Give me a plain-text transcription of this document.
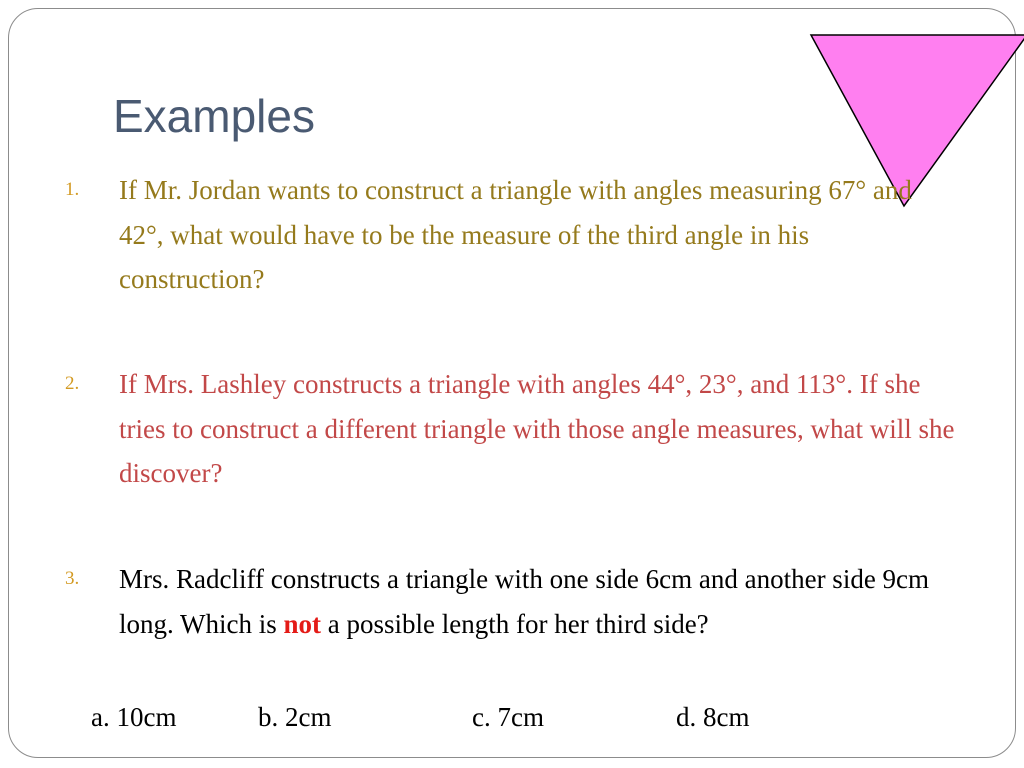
Examples
1. If Mr. Jordan wants to construct a triangle with angles measuring 67° and 42°, what would have to be the measure of the third angle in his construction?
2. If Mrs. Lashley constructs a triangle with angles 44°, 23°, and 113°. If she tries to construct a different triangle with those angle measures, what will she discover?
3. Mrs. Radcliff constructs a triangle with one side 6cm and another side 9cm long. Which is not a possible length for her third side?
a. 10cm	b. 2cm	c. 7cm	d. 8cm
